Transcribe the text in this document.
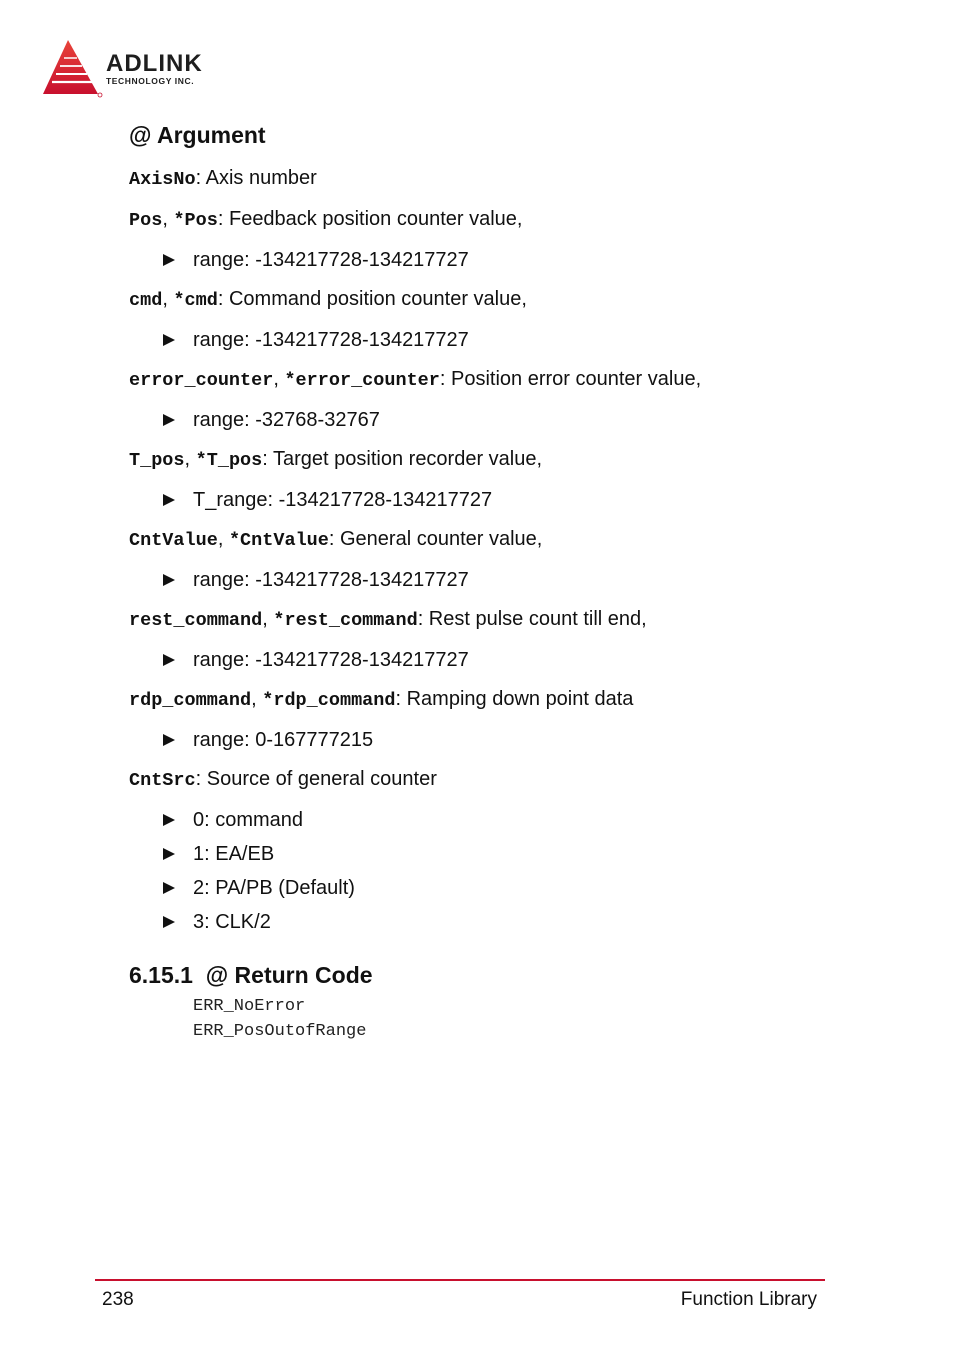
ADLINK
TECHNOLOGY INC.
@ Argument
AxisNo: Axis number
Pos, *Pos: Feedback position counter value,
range: -134217728-134217727
cmd, *cmd: Command position counter value,
range: -134217728-134217727
error_counter, *error_counter: Position error counter value,
range: -32768-32767
T_pos, *T_pos: Target position recorder value,
T_range: -134217728-134217727
CntValue, *CntValue: General counter value,
range: -134217728-134217727
rest_command, *rest_command: Rest pulse count till end,
range: -134217728-134217727
rdp_command, *rdp_command: Ramping down point data
range: 0-167777215
CntSrc: Source of general counter
0: command
1: EA/EB
2: PA/PB (Default)
3: CLK/2
6.15.1  @ Return Code
ERR_NoError
ERR_PosOutofRange
238	Function Library
